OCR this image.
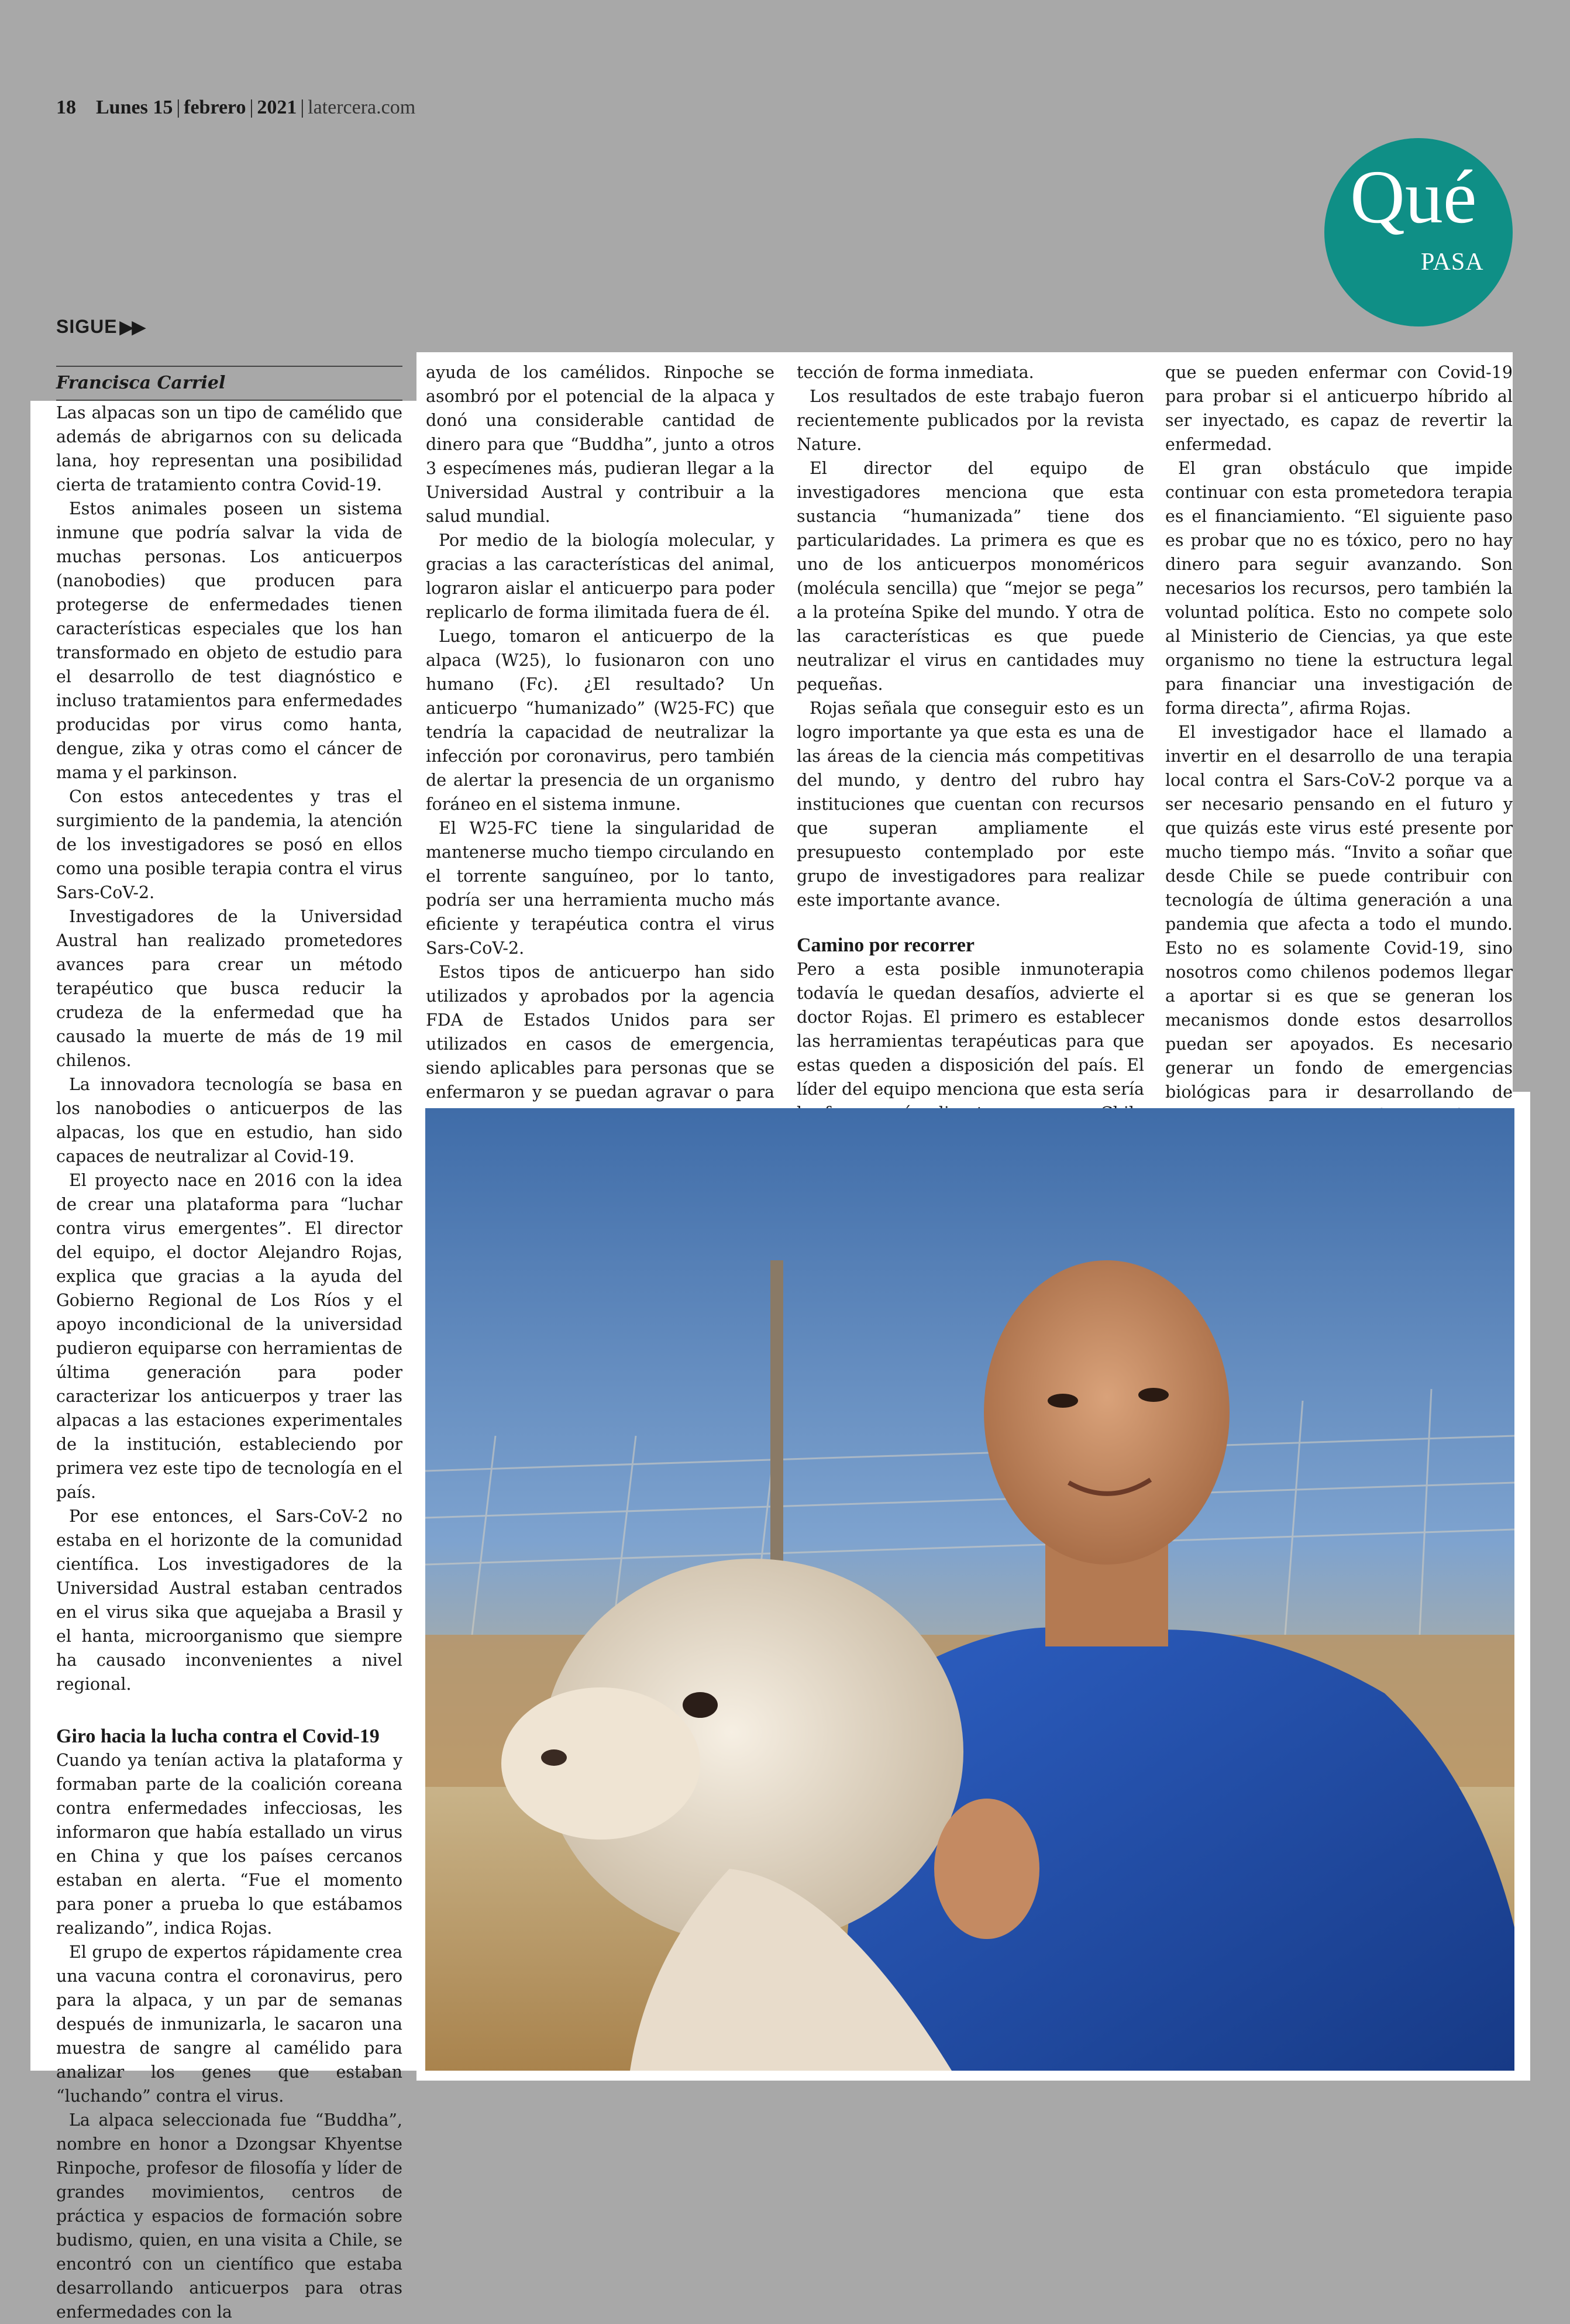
18 Lunes 15 | febrero | 2021 | latercera.com
Qué
PASA
SIGUE ▶▶

Francisca Carriel

Las alpacas son un tipo de camélido que además de abrigarnos con su delicada lana, hoy representan una posibilidad cierta de tratamiento contra Covid-19.

Estos animales poseen un sistema inmune que podría salvar la vida de muchas personas. Los anticuerpos (nanobodies) que producen para protegerse de enfermedades tienen características especiales que los han transformado en objeto de estudio para el desarrollo de test diagnóstico e incluso tratamientos para enfermedades producidas por virus como hanta, dengue, zika y otras como el cáncer de mama y el parkinson.

Con estos antecedentes y tras el surgimiento de la pandemia, la atención de los investigadores se posó en ellos como una posible terapia contra el virus Sars-CoV-2.

Investigadores de la Universidad Austral han realizado prometedores avances para crear un método terapéutico que busca reducir la crudeza de la enfermedad que ha causado la muerte de más de 19 mil chilenos.

La innovadora tecnología se basa en los nanobodies o anticuerpos de las alpacas, los que en estudio, han sido capaces de neutralizar al Covid-19.

El proyecto nace en 2016 con la idea de crear una plataforma para “luchar contra virus emergentes”. El director del equipo, el doctor Alejandro Rojas, explica que gracias a la ayuda del Gobierno Regional de Los Ríos y el apoyo incondicional de la universidad pudieron equiparse con herramientas de última generación para poder caracterizar los anticuerpos y traer las alpacas a las estaciones experimentales de la institución, estableciendo por primera vez este tipo de tecnología en el país.

Por ese entonces, el Sars-CoV-2 no estaba en el horizonte de la comunidad científica. Los investigadores de la Universidad Austral estaban centrados en el virus sika que aquejaba a Brasil y el hanta, microorganismo que siempre ha causado inconvenientes a nivel regional.

Giro hacia la lucha contra el Covid-19

Cuando ya tenían activa la plataforma y formaban parte de la coalición coreana contra enfermedades infecciosas, les informaron que había estallado un virus en China y que los países cercanos estaban en alerta. “Fue el momento para poner a prueba lo que estábamos realizando”, indica Rojas.

El grupo de expertos rápidamente crea una vacuna contra el coronavirus, pero para la alpaca, y un par de semanas después de inmunizarla, le sacaron una muestra de sangre al camélido para analizar los genes que estaban “luchando” contra el virus.

La alpaca seleccionada fue “Buddha”, nombre en honor a Dzongsar Khyentse Rinpoche, profesor de filosofía y líder de grandes movimientos, centros de práctica y espacios de formación sobre budismo, quien, en una visita a Chile, se encontró con un científico que estaba desarrollando anticuerpos para otras enfermedades con la

ayuda de los camélidos. Rinpoche se asombró por el potencial de la alpaca y donó una considerable cantidad de dinero para que “Buddha”, junto a otros 3 especímenes más, pudieran llegar a la Universidad Austral y contribuir a la salud mundial.

Por medio de la biología molecular, y gracias a las características del animal, lograron aislar el anticuerpo para poder replicarlo de forma ilimitada fuera de él.

Luego, tomaron el anticuerpo de la alpaca (W25), lo fusionaron con uno humano (Fc). ¿El resultado? Un anticuerpo “humanizado” (W25-FC) que tendría la capacidad de neutralizar la infección por coronavirus, pero también de alertar la presencia de un organismo foráneo en el sistema inmune.

El W25-FC tiene la singularidad de mantenerse mucho tiempo circulando en el torrente sanguíneo, por lo tanto, podría ser una herramienta mucho más eficiente y terapéutica contra el virus Sars-CoV-2.

Estos tipos de anticuerpo han sido utilizados y aprobados por la agencia FDA de Estados Unidos para ser utilizados en casos de emergencia, siendo aplicables para personas que se enfermaron y se puedan agravar o para

tección de forma inmediata.

Los resultados de este trabajo fueron recientemente publicados por la revista Nature.

El director del equipo de investigadores menciona que esta sustancia “humanizada” tiene dos particularidades. La primera es que es uno de los anticuerpos monoméricos (molécula sencilla) que “mejor se pega” a la proteína Spike del mundo. Y otra de las características es que puede neutralizar el virus en cantidades muy pequeñas.

Rojas señala que conseguir esto es un logro importante ya que esta es una de las áreas de la ciencia más competitivas del mundo, y dentro del rubro hay instituciones que cuentan con recursos que superan ampliamente el presupuesto contemplado por este grupo de investigadores para realizar este importante avance.

Camino por recorrer

Pero a esta posible inmunoterapia todavía le quedan desafíos, advierte el doctor Rojas. El primero es establecer las herramientas terapéuticas para que estas queden a disposición del país. El líder del equipo menciona que esta sería

que se pueden enfermar con Covid-19 para probar si el anticuerpo híbrido al ser inyectado, es capaz de revertir la enfermedad.

El gran obstáculo que impide continuar con esta prometedora terapia es el financiamiento. “El siguiente paso es probar que no es tóxico, pero no hay dinero para seguir avanzando. Son necesarios los recursos, pero también la voluntad política. Esto no compete solo al Ministerio de Ciencias, ya que este organismo no tiene la estructura legal para financiar una investigación de forma directa”, afirma Rojas.

El investigador hace el llamado a invertir en el desarrollo de una terapia local contra el Sars-CoV-2 porque va a ser necesario pensando en el futuro y que quizás este virus esté presente por mucho tiempo más. “Invito a soñar que desde Chile se puede contribuir con tecnología de última generación a una pandemia que afecta a todo el mundo. Esto no es solamente Covid-19, sino nosotros como chilenos podemos llegar a aportar si es que se generan los mecanismos donde estos desarrollos puedan ser apoyados. Es necesario generar un fondo de emergencias biológicas para ir desarrollando de
